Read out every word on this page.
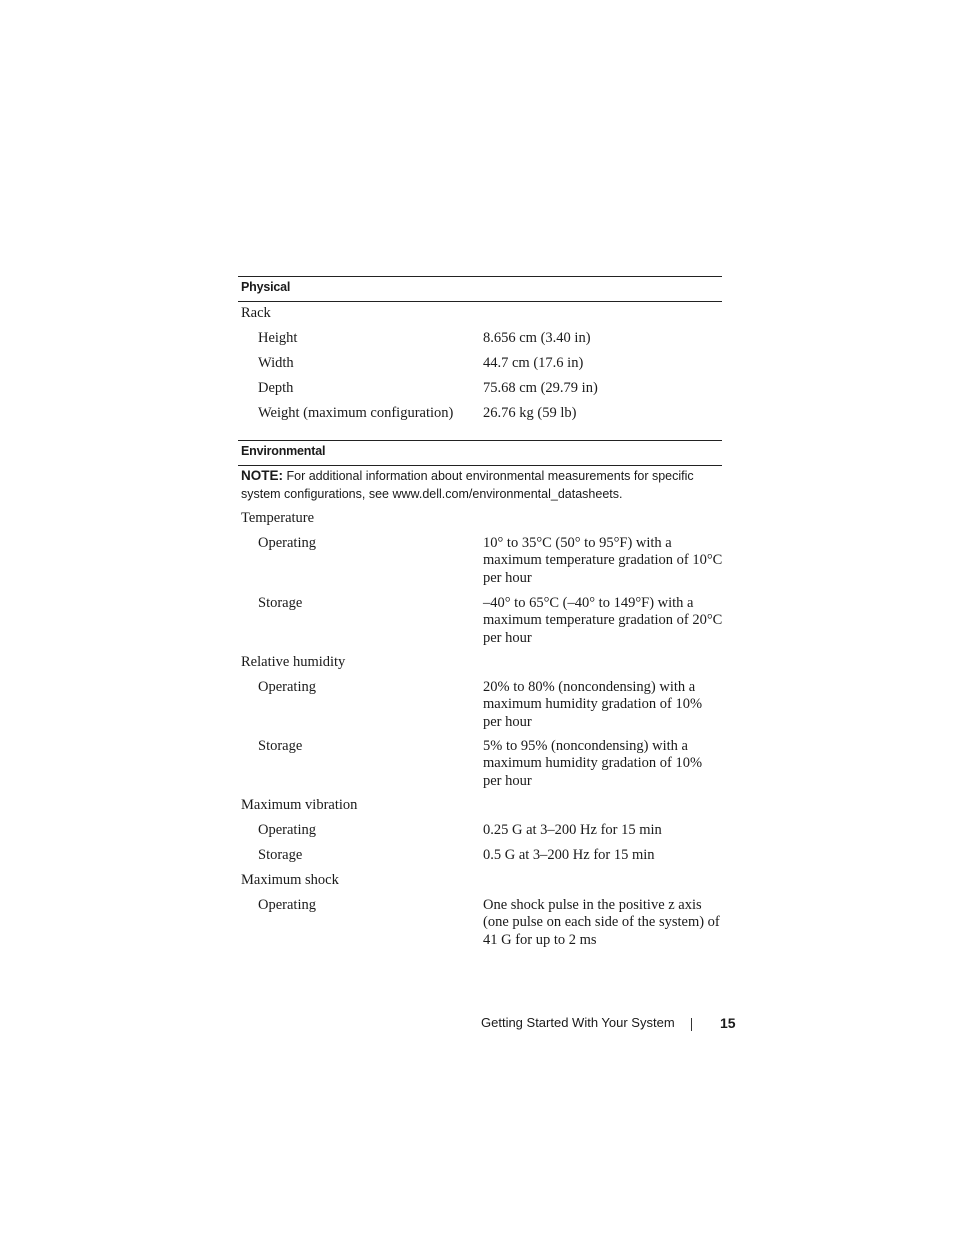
Physical
Rack
Height	8.656 cm (3.40 in)
Width	44.7 cm (17.6 in)
Depth	75.68 cm (29.79 in)
Weight (maximum configuration) 26.76 kg (59 lb)
Environmental
NOTE: For additional information about environmental measurements for specific system configurations, see www.dell.com/environmental_datasheets.
Temperature
Operating	10° to 35°C (50° to 95°F) with a maximum temperature gradation of 10°C per hour
Storage	–40° to 65°C (–40° to 149°F) with a maximum temperature gradation of 20°C per hour
Relative humidity
Operating	20% to 80% (noncondensing) with a maximum humidity gradation of 10% per hour
Storage	5% to 95% (noncondensing) with a maximum humidity gradation of 10% per hour
Maximum vibration
Operating	0.25 G at 3–200 Hz for 15 min
Storage	0.5 G at 3–200 Hz for 15 min
Maximum shock
Operating	One shock pulse in the positive z axis (one pulse on each side of the system) of 41 G for up to 2 ms
Getting Started With Your System	15
